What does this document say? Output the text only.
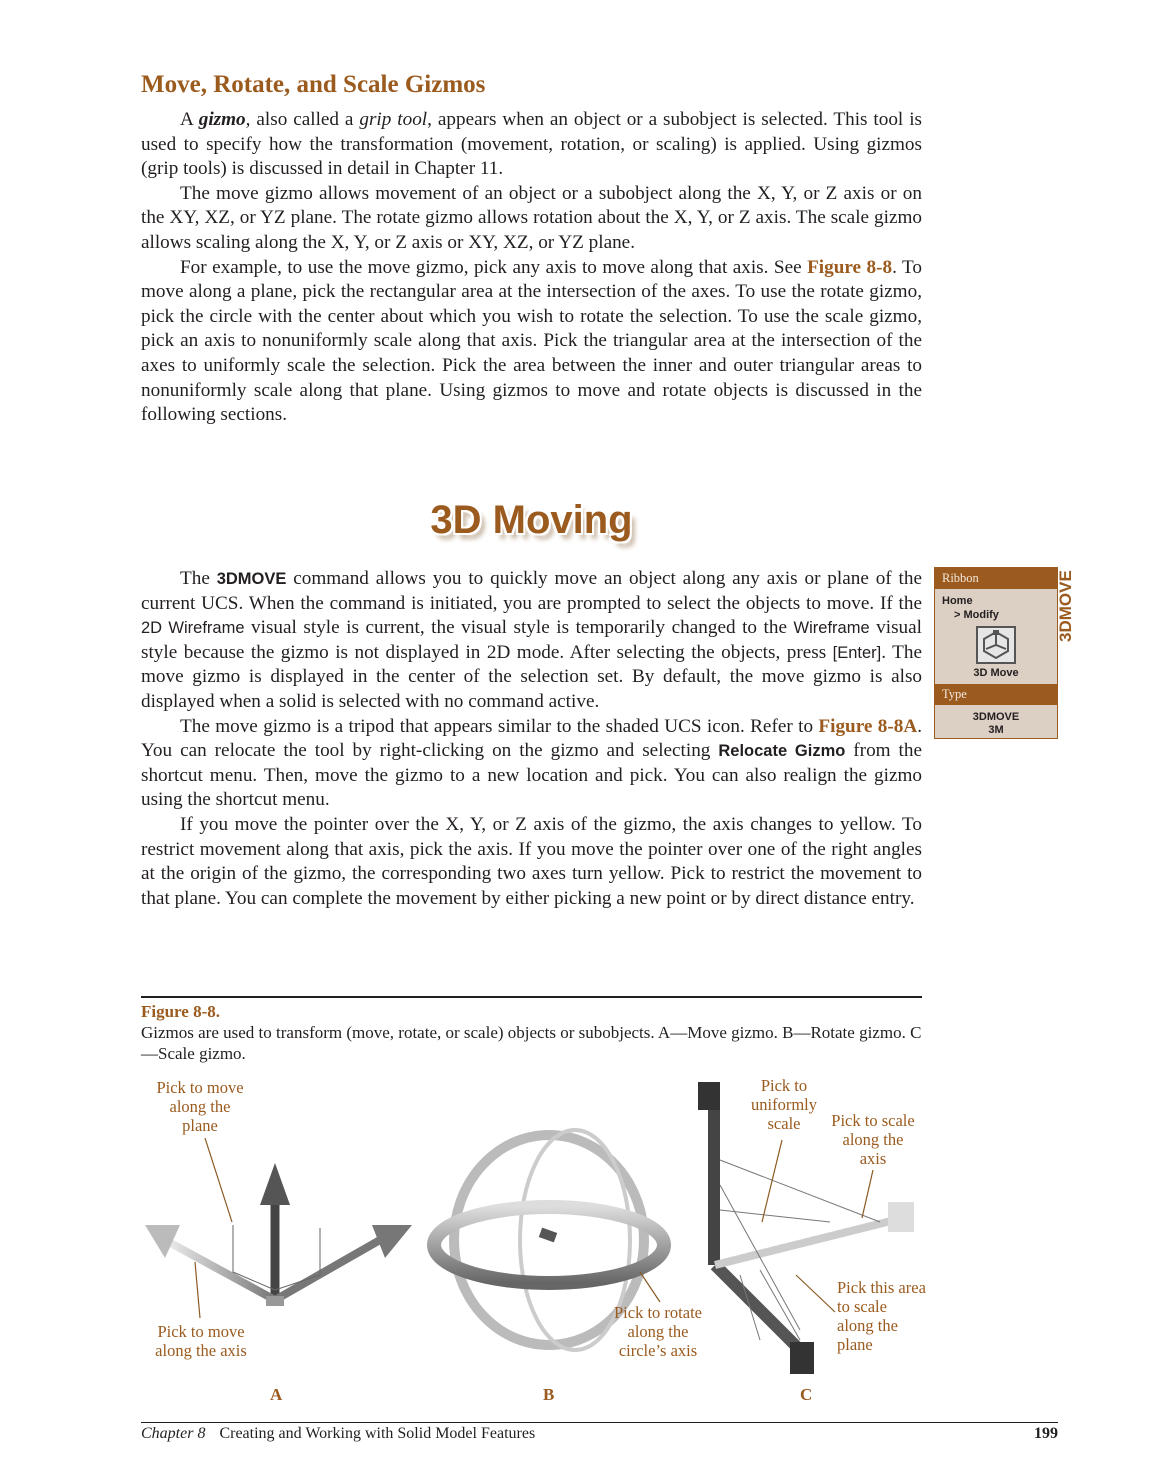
Move, Rotate, and Scale Gizmos

A gizmo, also called a grip tool, appears when an object or a subobject is selected. This tool is used to specify how the transformation (movement, rotation, or scaling) is applied. Using gizmos (grip tools) is discussed in detail in Chapter 11.

The move gizmo allows movement of an object or a subobject along the X, Y, or Z axis or on the XY, XZ, or YZ plane. The rotate gizmo allows rotation about the X, Y, or Z axis. The scale gizmo allows scaling along the X, Y, or Z axis or XY, XZ, or YZ plane.

For example, to use the move gizmo, pick any axis to move along that axis. See Figure 8-8. To move along a plane, pick the rectangular area at the intersection of the axes. To use the rotate gizmo, pick the circle with the center about which you wish to rotate the selection. To use the scale gizmo, pick an axis to nonuniformly scale along that axis. Pick the triangular area at the intersection of the axes to uniformly scale the selection. Pick the area between the inner and outer triangular areas to nonuniformly scale along that plane. Using gizmos to move and rotate objects is discussed in the following sections.

3D Moving

The 3DMOVE command allows you to quickly move an object along any axis or plane of the current UCS. When the command is initiated, you are prompted to select the objects to move. If the 2D Wireframe visual style is current, the visual style is temporarily changed to the Wireframe visual style because the gizmo is not displayed in 2D mode. After selecting the objects, press [Enter]. The move gizmo is displayed in the center of the selection set. By default, the move gizmo is also displayed when a solid is selected with no command active.

The move gizmo is a tripod that appears similar to the shaded UCS icon. Refer to Figure 8-8A. You can relocate the tool by right-clicking on the gizmo and selecting Relocate Gizmo from the shortcut menu. Then, move the gizmo to a new location and pick. You can also realign the gizmo using the shortcut menu.

If you move the pointer over the X, Y, or Z axis of the gizmo, the axis changes to yellow. To restrict movement along that axis, pick the axis. If you move the pointer over one of the right angles at the origin of the gizmo, the corresponding two axes turn yellow. Pick to restrict the movement to that plane. You can complete the movement by either picking a new point or by direct distance entry.

Ribbon
Home
> Modify
3D Move
Type
3DMOVE
3M
3DMOVE
Figure 8-8.
Gizmos are used to transform (move, rotate, or scale) objects or subobjects. A—Move gizmo. B—Rotate gizmo. C—Scale gizmo.
Pick to move along the plane
Pick to move along the axis
Pick to rotate along the circle’s axis
Pick to uniformly scale	Pick to scale along the axis
Pick this area to scale along the plane
A	B	C
Chapter 8 Creating and Working with Solid Model Features	199
